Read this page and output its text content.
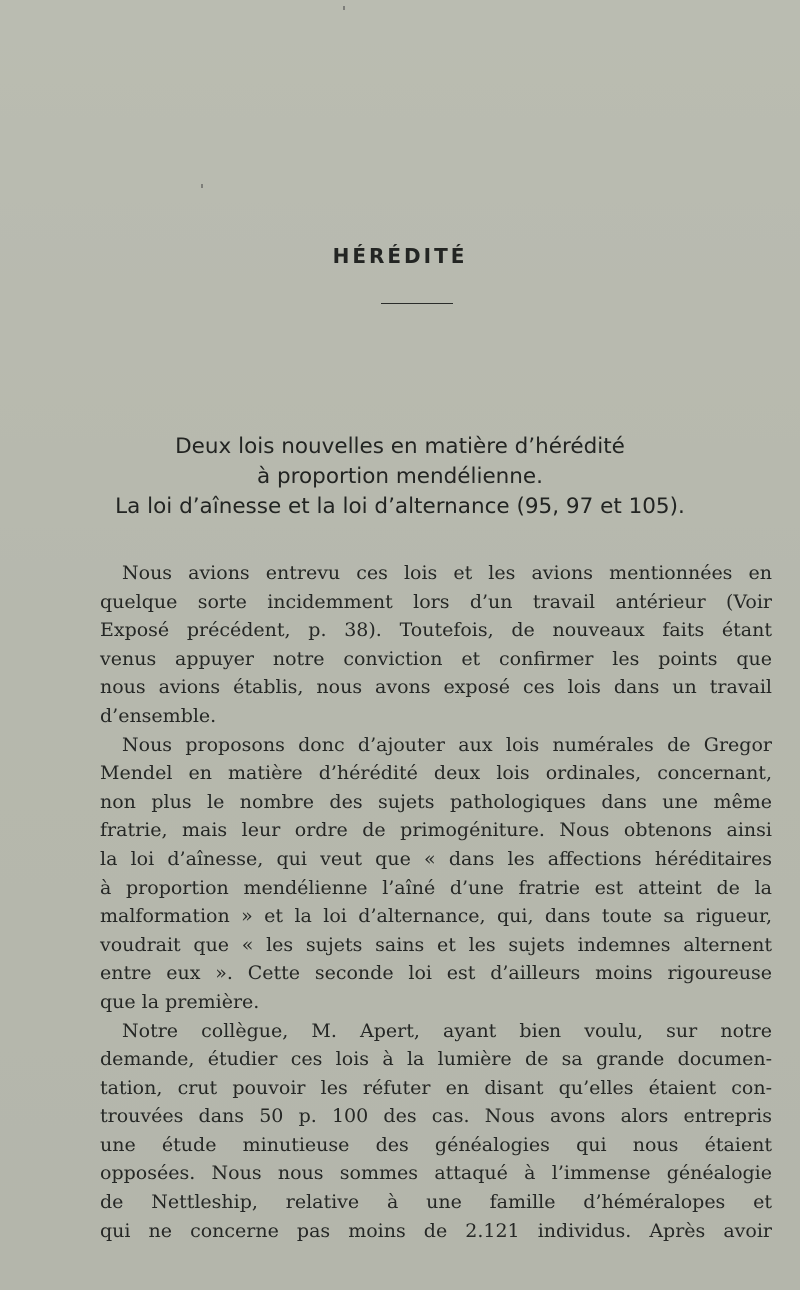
HÉRÉDITÉ
Deux lois nouvelles en matière d’hérédité
à proportion mendélienne.
La loi d’aînesse et la loi d’alternance (95, 97 et 105).
Nous avions entrevu ces lois et les avions mentionnées en
quelque sorte incidemment lors d’un travail antérieur (Voir
Exposé précédent, p. 38). Toutefois, de nouveaux faits étant
venus appuyer notre conviction et confirmer les points que
nous avions établis, nous avons exposé ces lois dans un travail
d’ensemble.
Nous proposons donc d’ajouter aux lois numérales de Gregor
Mendel en matière d’hérédité deux lois ordinales, concernant,
non plus le nombre des sujets pathologiques dans une même
fratrie, mais leur ordre de primogéniture. Nous obtenons ainsi
la loi d’aînesse, qui veut que « dans les affections héréditaires
à proportion mendélienne l’aîné d’une fratrie est atteint de la
malformation » et la loi d’alternance, qui, dans toute sa rigueur,
voudrait que « les sujets sains et les sujets indemnes alternent
entre eux ». Cette seconde loi est d’ailleurs moins rigoureuse
que la première.
Notre collègue, M. Apert, ayant bien voulu, sur notre
demande, étudier ces lois à la lumière de sa grande documen-
tation, crut pouvoir les réfuter en disant qu’elles étaient con-
trouvées dans 50 p. 100 des cas. Nous avons alors entrepris
une étude minutieuse des généalogies qui nous étaient
opposées. Nous nous sommes attaqué à l’immense généalogie
de Nettleship, relative à une famille d’héméralopes et
qui ne concerne pas moins de 2.121 individus. Après avoir
